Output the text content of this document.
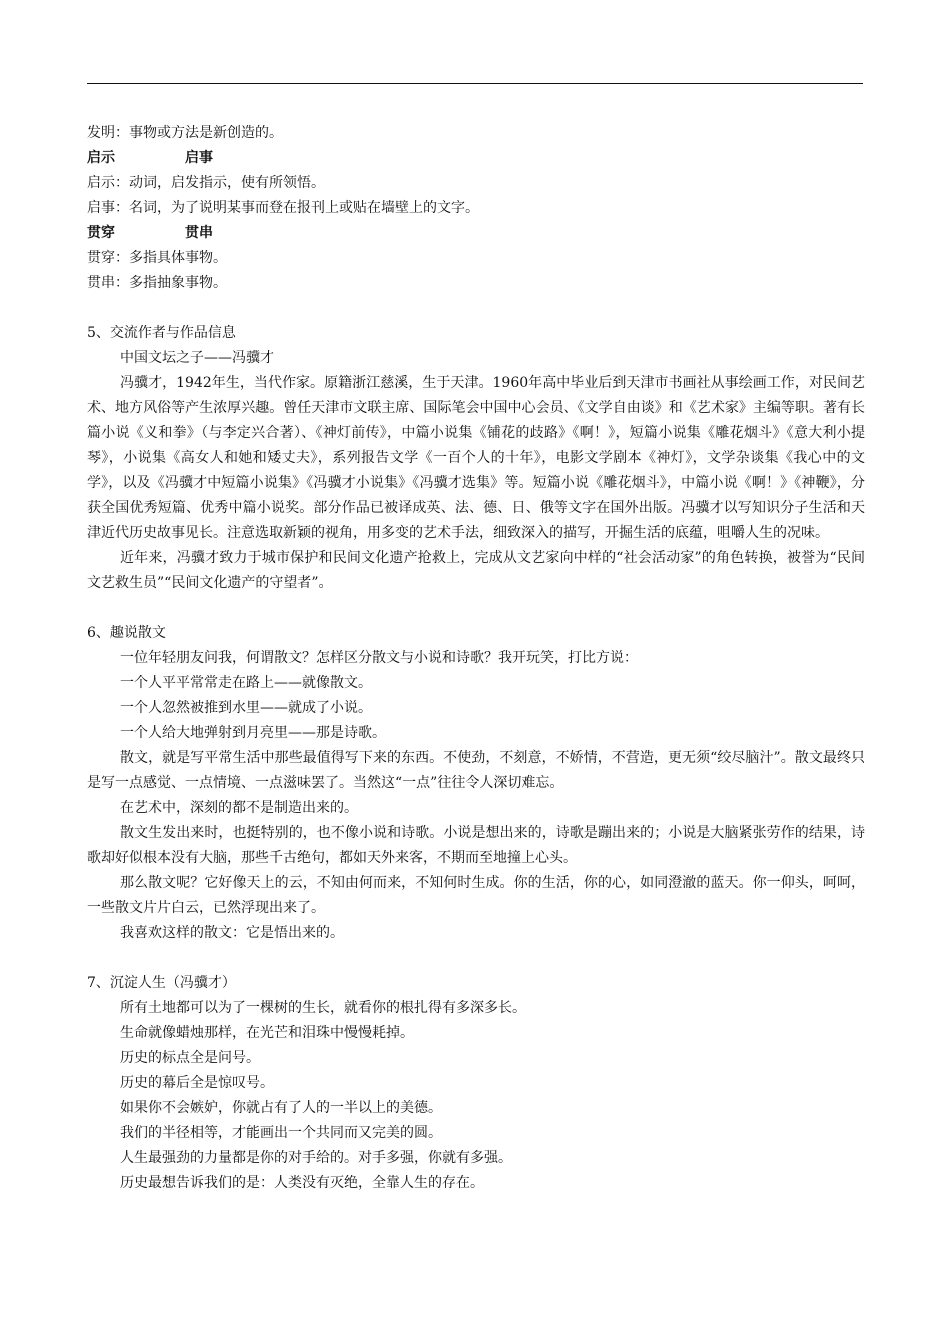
发明：事物或方法是新创造的。

启示	启事

启示：动词，启发指示，使有所领悟。

启事：名词，为了说明某事而登在报刊上或贴在墙壁上的文字。

贯穿	贯串

贯穿：多指具体事物。

贯串：多指抽象事物。

5、交流作者与作品信息

中国文坛之子——冯骥才

冯骥才，1942年生，当代作家。原籍浙江慈溪，生于天津。1960年高中毕业后到天津市书画社从事绘画工作，对民间艺术、地方风俗等产生浓厚兴趣。曾任天津市文联主席、国际笔会中国中心会员、《文学自由谈》和《艺术家》主编等职。著有长篇小说《义和拳》（与李定兴合著）、《神灯前传》，中篇小说集《铺花的歧路》《啊！》，短篇小说集《雕花烟斗》《意大利小提琴》，小说集《高女人和她和矮丈夫》，系列报告文学《一百个人的十年》，电影文学剧本《神灯》，文学杂谈集《我心中的文学》，以及《冯骥才中短篇小说集》《冯骥才小说集》《冯骥才选集》等。短篇小说《雕花烟斗》，中篇小说《啊！》《神鞭》，分获全国优秀短篇、优秀中篇小说奖。部分作品已被译成英、法、德、日、俄等文字在国外出版。冯骥才以写知识分子生活和天津近代历史故事见长。注意选取新颖的视角，用多变的艺术手法，细致深入的描写，开掘生活的底蕴，咀嚼人生的况味。

近年来，冯骥才致力于城市保护和民间文化遗产抢救上，完成从文艺家向中样的“社会活动家”的角色转换，被誉为“民间文艺救生员”“民间文化遗产的守望者”。

6、趣说散文

一位年轻朋友问我，何谓散文？怎样区分散文与小说和诗歌？我开玩笑，打比方说：

一个人平平常常走在路上——就像散文。

一个人忽然被推到水里——就成了小说。

一个人给大地弹射到月亮里——那是诗歌。

散文，就是写平常生活中那些最值得写下来的东西。不使劲，不刻意，不娇情，不营造，更无须“绞尽脑汁”。散文最终只是写一点感觉、一点情境、一点滋味罢了。当然这“一点”往往令人深切难忘。

在艺术中，深刻的都不是制造出来的。

散文生发出来时，也挺特别的，也不像小说和诗歌。小说是想出来的，诗歌是蹦出来的；小说是大脑紧张劳作的结果，诗歌却好似根本没有大脑，那些千古绝句，都如天外来客，不期而至地撞上心头。

那么散文呢？它好像天上的云，不知由何而来，不知何时生成。你的生活，你的心，如同澄澈的蓝天。你一仰头，呵呵，一些散文片片白云，已然浮现出来了。

我喜欢这样的散文：它是悟出来的。

7、沉淀人生（冯骥才）

所有土地都可以为了一棵树的生长，就看你的根扎得有多深多长。

生命就像蜡烛那样，在光芒和泪珠中慢慢耗掉。

历史的标点全是问号。

历史的幕后全是惊叹号。

如果你不会嫉妒，你就占有了人的一半以上的美德。

我们的半径相等，才能画出一个共同而又完美的圆。

人生最强劲的力量都是你的对手给的。对手多强，你就有多强。

历史最想告诉我们的是：人类没有灭绝，全靠人生的存在。
